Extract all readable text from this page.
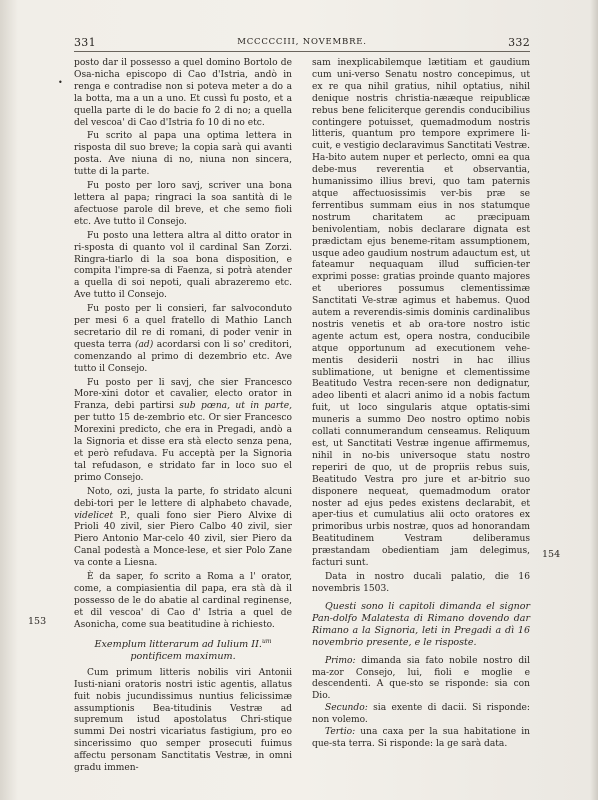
331	MCCCCCIII, NOVEMBRE.	332
•
153
154

posto dar il possesso a quel domino Bortolo de Osa-nicha episcopo di Cao d'Istria, andò in renga e contradise non si poteva meter a do a la botta, ma a un a uno. Et cussì fu posto, et a quella parte di le do bacie fo 2 di no; a quella del vescoa' di Cao d'Istria fo 10 di no etc.

Fu scrito al papa una optima lettera in risposta dil suo breve; la copia sarà qui avanti posta. Ave niuna di no, niuna non sincera, tutte di la parte.

Fu posto per loro savj, scriver una bona lettera al papa; ringraci la soa santità di le afectuose parole dil breve, et che semo fioli etc. Ave tutto il Consejo.

Fu posto una lettera altra al ditto orator in ri-sposta di quanto vol il cardinal San Zorzi. Ringra-tiarlo di la soa bona disposition, e compita l'impre-sa di Faenza, si potrà atender a quella di soi nepoti, quali abrazeremo etc. Ave tutto il Consejo.

Fu posto per li consieri, far salvoconduto per mesi 6 a quel fratello di Mathio Lanch secretario dil re di romani, di poder venir in questa terra (ad) acordarsi con li so' creditori, comenzando al primo di dezembrio etc. Ave tutto il Consejo.

Fu posto per li savj, che sier Francesco More-xini dotor et cavalier, electo orator in Franza, debi partirsi sub pœna, ut in parte, per tutto 15 de-zembrio etc. Or sier Francesco Morexini predicto, che era in Pregadi, andò a la Signoria et disse era stà electo senza pena, et però refudava. Fu acceptà per la Signoria tal refudason, e stridato far in loco suo el primo Consejo.

Noto, ozi, justa la parte, fo stridato alcuni debi-tori per le lettere di alphabeto chavade, videlicet P., quali fono sier Piero Alvixe di Prioli 40 zivil, sier Piero Calbo 40 zivil, sier Piero Antonio Mar-celo 40 zivil, sier Piero da Canal podestà a Monce-lese, et sier Polo Zane va conte a Liesna.

È da saper, fo scrito a Roma a l' orator, come, a compiasientia dil papa, era stà dà il possesso de le do abatie al cardinal reginense, et dil vescoa' di Cao d' Istria a quel de Asonicha, come sua beatitudine à richiesto.

Exemplum litterarum ad Iulium II.$^{um}$
pontificem maximum.

Cum primum litteris nobilis viri Antonii Iusti-niani oratoris nostri istic agentis, allatus fuit nobis jucundissimus nuntius felicissimæ assumptionis Bea-titudinis Vestræ ad supremum istud apostolatus Chri-stique summi Dei nostri vicariatus fastigium, pro eo sincerissimo quo semper prosecuti fuimus affectu personam Sanctitatis Vestræ, in omni gradu immen-

sam inexplicabilemque lætitiam et gaudium cum uni-verso Senatu nostro concepimus, ut ex re qua nihil gratius, nihil optatius, nihil denique nostris christia-nææque reipublicæ rebus bene feliciterque gerendis conducibilius contingere potuisset, quemadmodum nostris litteris, quantum pro tempore exprimere li-cuit, e vestigio declaravimus Sanctitati Vestræ. Ha-bito autem nuper et perlecto, omni ea qua debe-mus reverentia et observantia, humanissimo illius brevi, quo tam paternis atque affectuosissimis ver-bis præ se ferrentibus summam eius in nos statumque nostrum charitatem ac præcipuam benivolentiam, nobis declarare dignata est prædictam ejus beneme-ritam assumptionem, usque adeo gaudium nostrum adauctum est, ut fateamur nequaquam illud sufficien-ter exprimi posse: gratias proinde quanto majores et uberiores possumus clementissimæ Sanctitati Ve-stræ agimus et habemus. Quod autem a reverendis-simis dominis cardinalibus nostris venetis et ab ora-tore nostro istic agente actum est, opera nostra, conducibile atque opportunum ad executionem vehe-mentis desiderii nostri in hac illius sublimatione, ut benigne et clementissime Beatitudo Vestra recen-sere non dedignatur, adeo libenti et alacri animo id a nobis factum fuit, ut loco singularis atque optatis-simi muneris a summo Deo nostro optimo nobis collati connumerandum censeamus. Reliquum est, ut Sanctitati Vestræ ingenue affirmemus, nihil in no-bis universoque statu nostro reperiri de quo, ut de propriis rebus suis, Beatitudo Vestra pro jure et ar-bitrio suo disponere nequeat, quemadmodum orator noster ad ejus pedes existens declarabit, et aper-tius et cumulatius alii octo oratores ex primoribus urbis nostræ, quos ad honorandam Beatitudinem Vestram deliberamus præstandam obedientiam jam delegimus, facturi sunt.

Data in nostro ducali palatio, die 16 novembris 1503.

Questi sono li capitoli dimanda el signor Pan-dolfo Malatesta di Rimano dovendo dar Rimano a la Signoria, leti in Pregadi a dì 16 novembrio presente, e le risposte.

Primo: dimanda sia fato nobile nostro dil ma-zor Consejo, lui, fioli e moglie e descendenti. A que-sto se risponde: sia con Dio.

Secundo: sia exente di dacii. Si risponde: non volemo.

Tertio: una caxa per la sua habitatione in que-sta terra. Si risponde: la ge sarà data.
